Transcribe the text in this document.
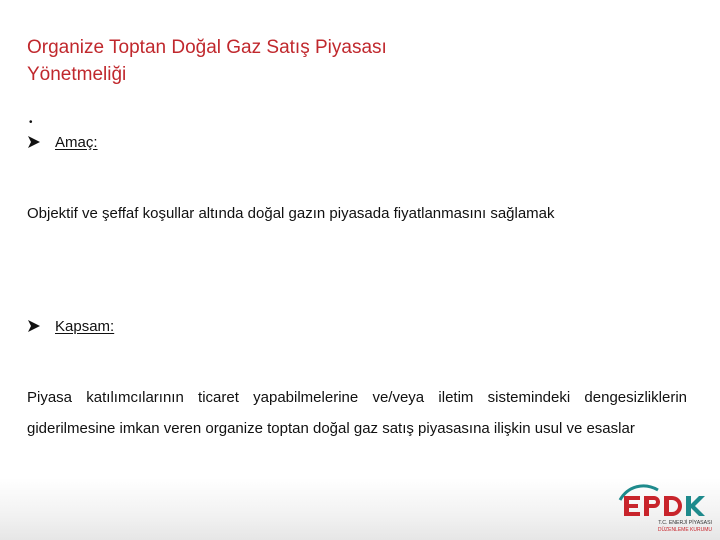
Organize Toptan Doğal Gaz Satış Piyasası
Yönetmeliği
•
Amaç:
Objektif ve şeffaf koşullar altında doğal gazın piyasada fiyatlanmasını sağlamak
Kapsam:
Piyasa katılımcılarının ticaret yapabilmelerine ve/veya iletim sistemindeki dengesizliklerin giderilmesine imkan veren organize toptan doğal gaz satış piyasasına ilişkin usul ve esaslar
T.C. ENERJİ PİYASASI
DÜZENLEME KURUMU
